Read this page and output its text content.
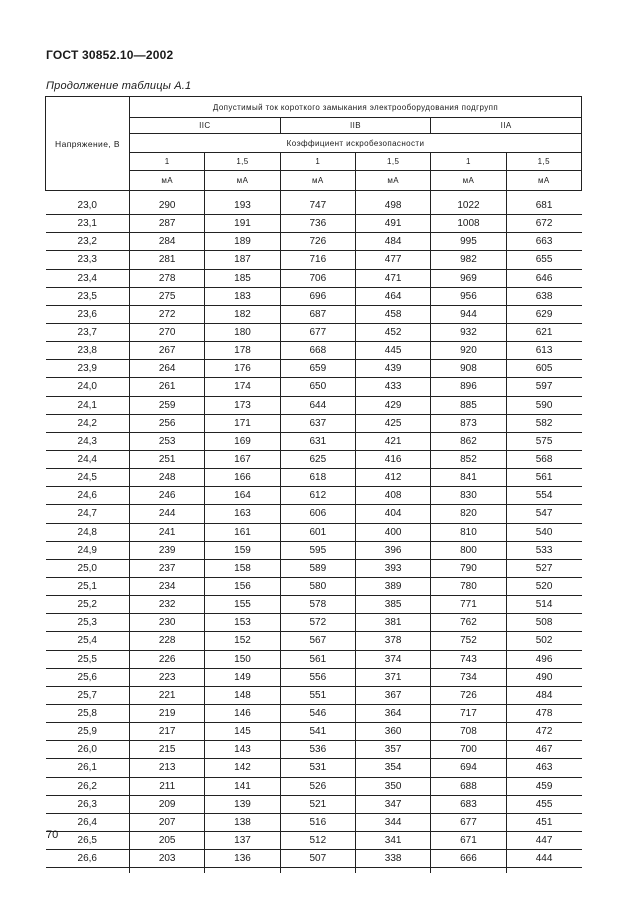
ГОСТ 30852.10—2002
Продолжение таблицы А.1
Напряжение, В	Допустимый ток короткого замыкания электрооборудования подгрупп					
	IIC		IIB		IIA	
	Коэффициент искробезопасности					
	1	1,5	1	1,5	1	1,5
	мА	мА	мА	мА	мА	мА

23,0	290	193	747	498	1022	681
23,1	287	191	736	491	1008	672
23,2	284	189	726	484	995	663
23,3	281	187	716	477	982	655
23,4	278	185	706	471	969	646
23,5	275	183	696	464	956	638
23,6	272	182	687	458	944	629
23,7	270	180	677	452	932	621
23,8	267	178	668	445	920	613
23,9	264	176	659	439	908	605
24,0	261	174	650	433	896	597
24,1	259	173	644	429	885	590
24,2	256	171	637	425	873	582
24,3	253	169	631	421	862	575
24,4	251	167	625	416	852	568
24,5	248	166	618	412	841	561
24,6	246	164	612	408	830	554
24,7	244	163	606	404	820	547
24,8	241	161	601	400	810	540
24,9	239	159	595	396	800	533
25,0	237	158	589	393	790	527
25,1	234	156	580	389	780	520
25,2	232	155	578	385	771	514
25,3	230	153	572	381	762	508
25,4	228	152	567	378	752	502
25,5	226	150	561	374	743	496
25,6	223	149	556	371	734	490
25,7	221	148	551	367	726	484
25,8	219	146	546	364	717	478
25,9	217	145	541	360	708	472
26,0	215	143	536	357	700	467
26,1	213	142	531	354	694	463
26,2	211	141	526	350	688	459
26,3	209	139	521	347	683	455
26,4	207	138	516	344	677	451
26,5	205	137	512	341	671	447
26,6	203	136	507	338	666	444

70
